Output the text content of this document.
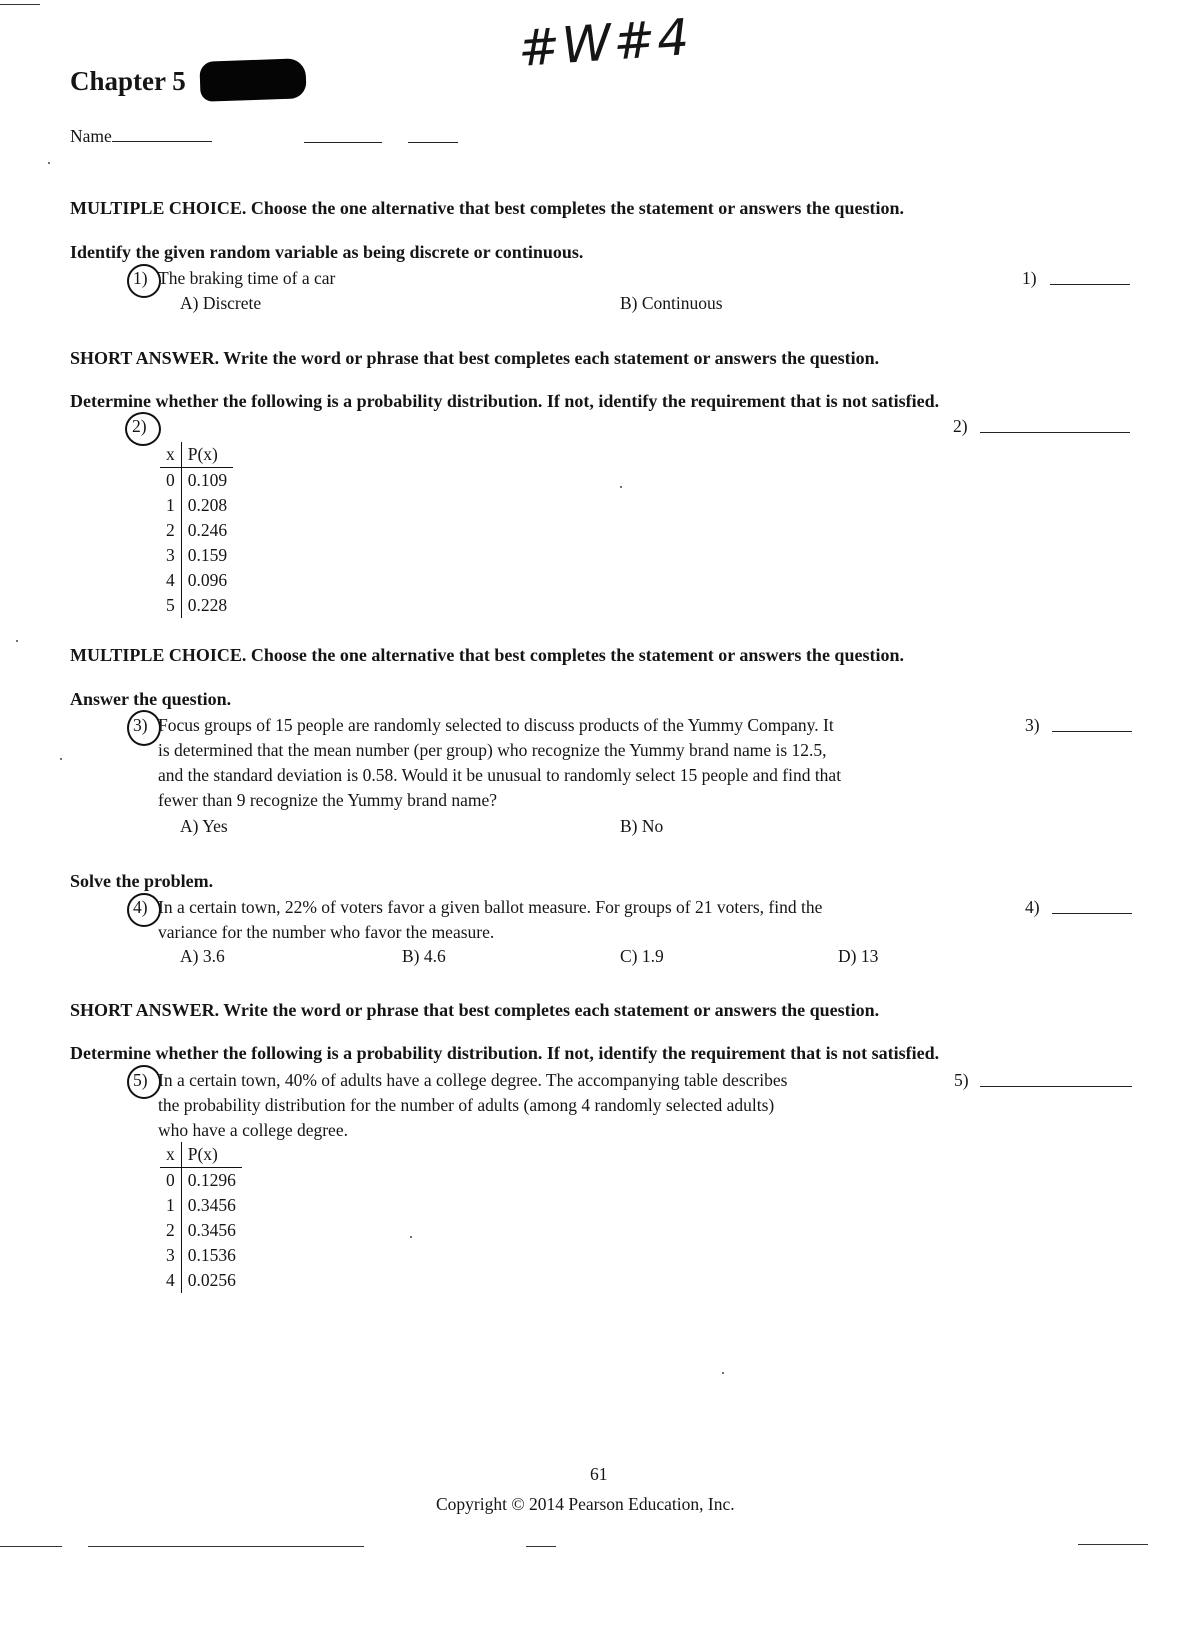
Chapter 5
#W#4
Name
MULTIPLE CHOICE. Choose the one alternative that best completes the statement or answers the question.
Identify the given random variable as being discrete or continuous.
1) The braking time of a car	1)
A) Discrete	B) Continuous
SHORT ANSWER. Write the word or phrase that best completes each statement or answers the question.
Determine whether the following is a probability distribution. If not, identify the requirement that is not satisfied.
2)	2)
x	P(x)
0	0.109
1	0.208
2	0.246
3	0.159
4	0.096
5	0.228
MULTIPLE CHOICE. Choose the one alternative that best completes the statement or answers the question.
Answer the question.
3) Focus groups of 15 people are randomly selected to discuss products of the Yummy Company. It
is determined that the mean number (per group) who recognize the Yummy brand name is 12.5,
and the standard deviation is 0.58. Would it be unusual to randomly select 15 people and find that
fewer than 9 recognize the Yummy brand name?
3)
A) Yes	B) No
Solve the problem.
4) In a certain town, 22% of voters favor a given ballot measure. For groups of 21 voters, find the
variance for the number who favor the measure.
4)
A) 3.6	B) 4.6	C) 1.9	D) 13
SHORT ANSWER. Write the word or phrase that best completes each statement or answers the question.
Determine whether the following is a probability distribution. If not, identify the requirement that is not satisfied.
5) In a certain town, 40% of adults have a college degree. The accompanying table describes
the probability distribution for the number of adults (among 4 randomly selected adults)
who have a college degree.
5)
x	P(x)
0	0.1296
1	0.3456
2	0.3456
3	0.1536
4	0.0256
61
Copyright © 2014 Pearson Education, Inc.
